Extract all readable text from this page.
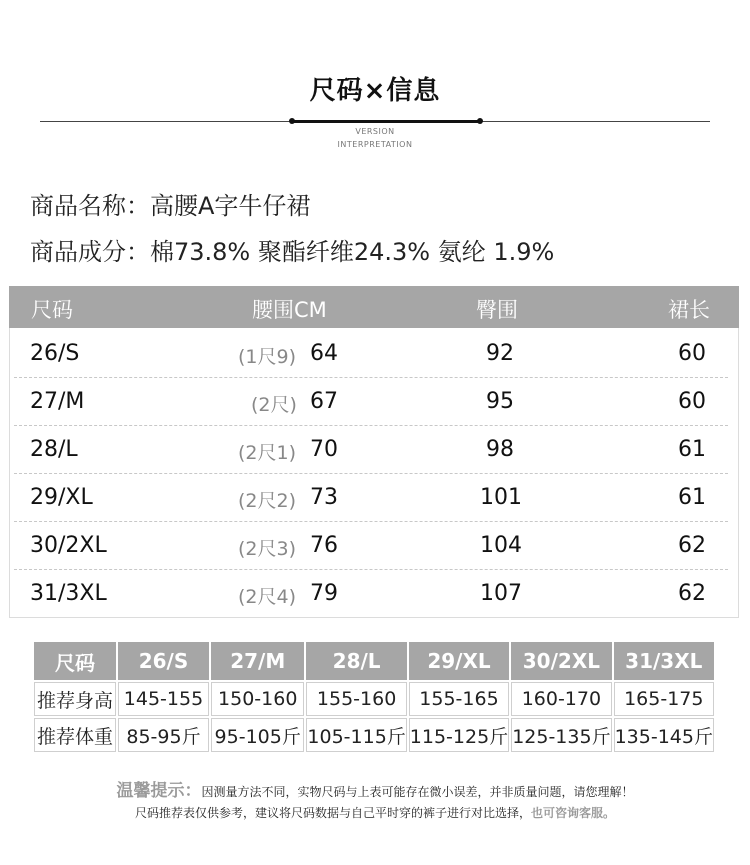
尺码×信息
VERSION
INTERPRETATION
商品名称：高腰A字牛仔裙
商品成分：棉73.8% 聚酯纤维24.3% 氨纶 1.9%
尺码	腰围CM	臀围	裙长
26/S	(1尺9) 64	92	60
27/M	(2尺) 67	95	60
28/L	(2尺1) 70	98	61
29/XL	(2尺2) 73	101	61
30/2XL	(2尺3) 76	104	62
31/3XL	(2尺4) 79	107	62
尺码	26/S	27/M	28/L	29/XL	30/2XL	31/3XL
推荐身高	145-155	150-160	155-160	155-165	160-170	165-175
推荐体重	85-95斤	95-105斤	105-115斤	115-125斤	125-135斤	135-145斤
温馨提示：因测量方法不同，实物尺码与上表可能存在微小误差，并非质量问题，请您理解！
尺码推荐表仅供参考，建议将尺码数据与自己平时穿的裤子进行对比选择，也可咨询客服。
